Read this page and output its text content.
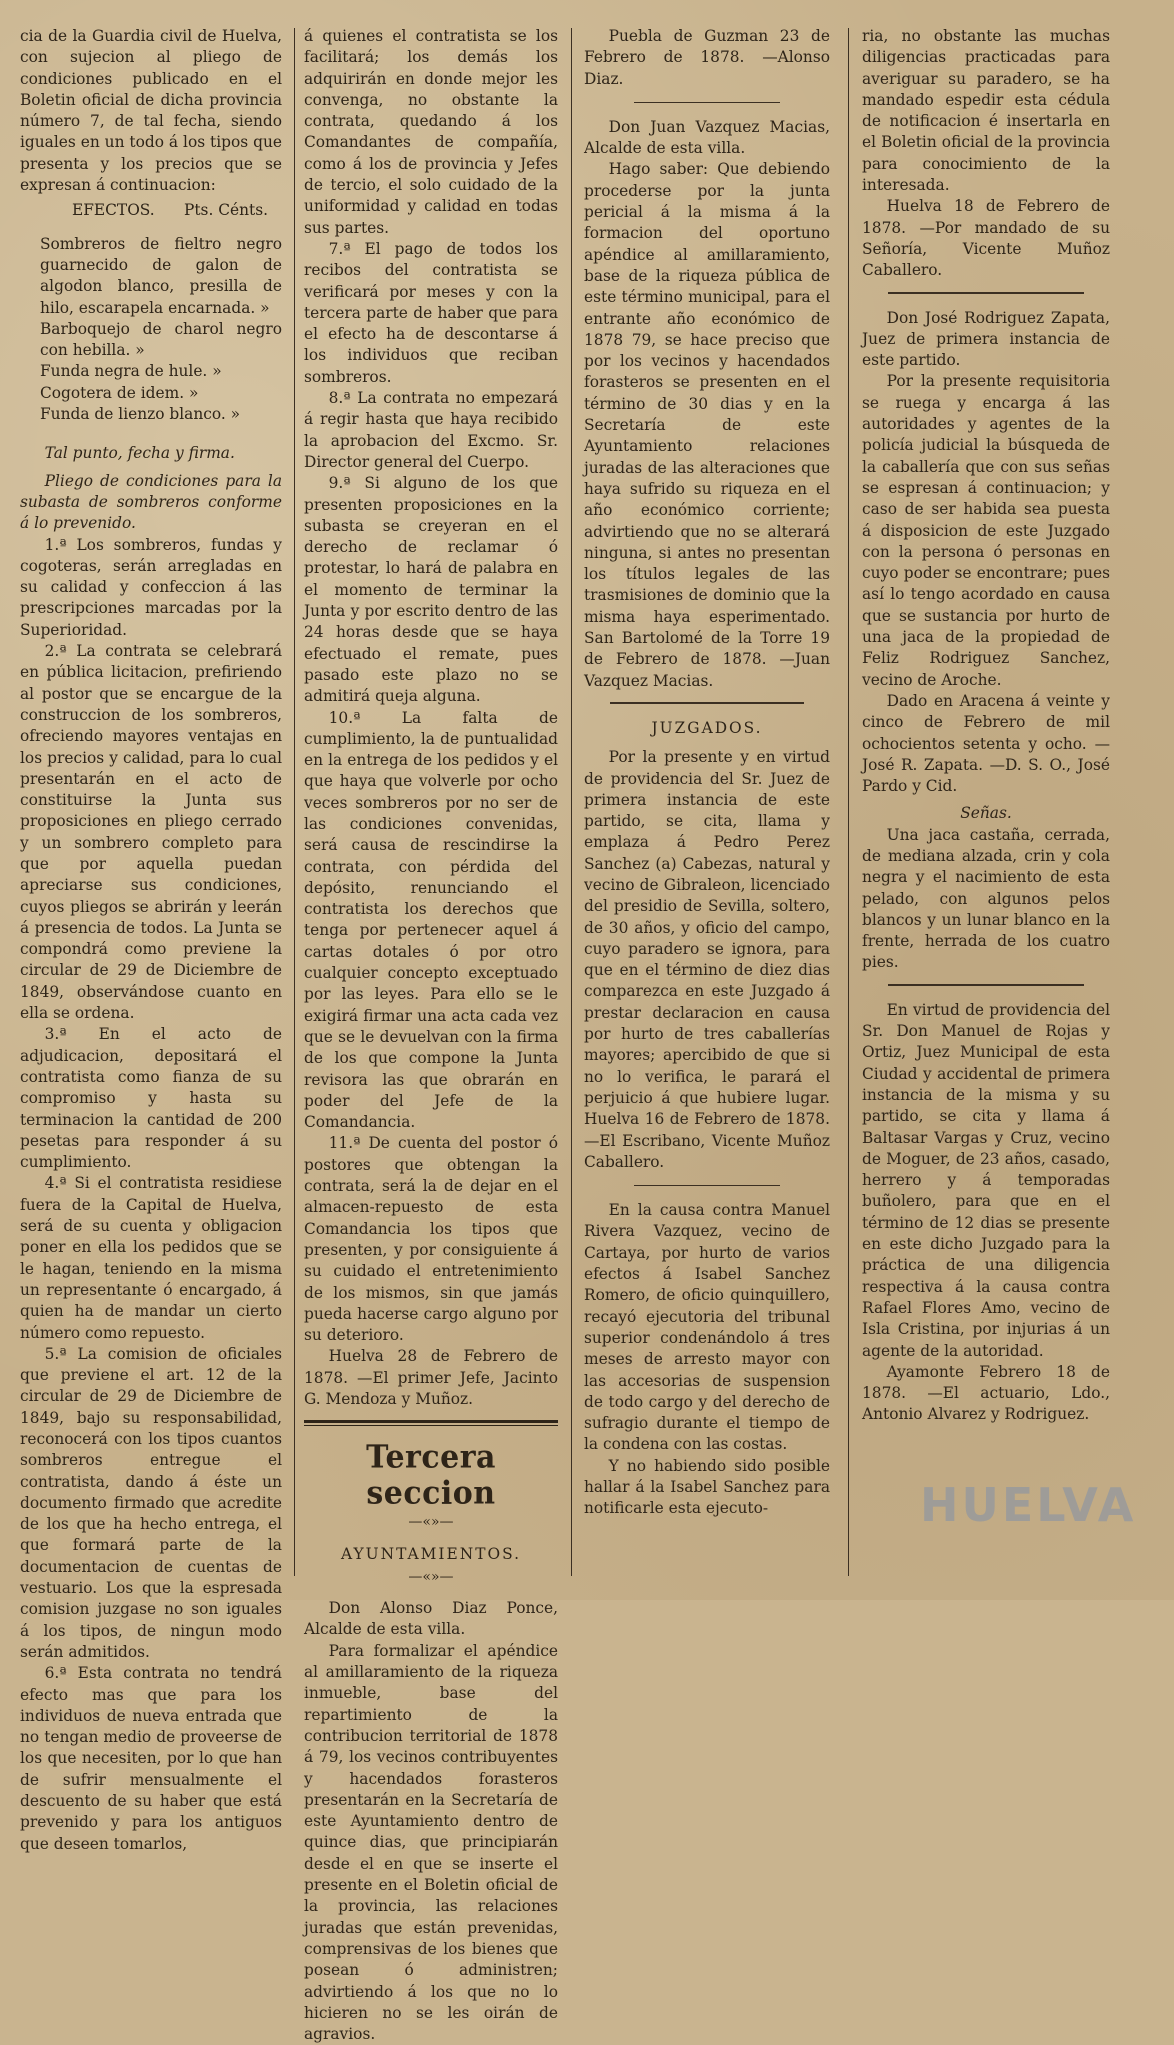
cia de la Guardia civil de Huelva, con sujecion al pliego de condiciones publicado en el Boletin oficial de dicha provincia número 7, de tal fecha, siendo iguales en un todo á los tipos que presenta y los precios que se expresan á continuacion:

EFECTOS. Pts. Cénts.
Sombreros de fieltro negro guarnecido de galon de algodon blanco, presilla de hilo, escarapela encarnada. »
Barboquejo de charol negro con hebilla. »
Funda negra de hule. »
Cogotera de idem. »
Funda de lienzo blanco. »

Tal punto, fecha y firma.

Pliego de condiciones para la subasta de sombreros conforme á lo prevenido.

1.ª Los sombreros, fundas y cogoteras, serán arregladas en su calidad y confeccion á las prescripciones marcadas por la Superioridad.

2.ª La contrata se celebrará en pública licitacion, prefiriendo al postor que se encargue de la construccion de los sombreros, ofreciendo mayores ventajas en los precios y calidad, para lo cual presentarán en el acto de constituirse la Junta sus proposiciones en pliego cerrado y un sombrero completo para que por aquella puedan apreciarse sus condiciones, cuyos pliegos se abrirán y leerán á presencia de todos. La Junta se compondrá como previene la circular de 29 de Diciembre de 1849, observándose cuanto en ella se ordena.

3.ª En el acto de adjudicacion, depositará el contratista como fianza de su compromiso y hasta su terminacion la cantidad de 200 pesetas para responder á su cumplimiento.

4.ª Si el contratista residiese fuera de la Capital de Huelva, será de su cuenta y obligacion poner en ella los pedidos que se le hagan, teniendo en la misma un representante ó encargado, á quien ha de mandar un cierto número como repuesto.

5.ª La comision de oficiales que previene el art. 12 de la circular de 29 de Diciembre de 1849, bajo su responsabilidad, reconocerá con los tipos cuantos sombreros entregue el contratista, dando á éste un documento firmado que acredite de los que ha hecho entrega, el que formará parte de la documentacion de cuentas de vestuario. Los que la espresada comision juzgase no son iguales á los tipos, de ningun modo serán admitidos.

6.ª Esta contrata no tendrá efecto mas que para los individuos de nueva entrada que no tengan medio de proveerse de los que necesiten, por lo que han de sufrir mensualmente el descuento de su haber que está prevenido y para los antiguos que deseen tomarlos,

á quienes el contratista se los facilitará; los demás los adquirirán en donde mejor les convenga, no obstante la contrata, quedando á los Comandantes de compañía, como á los de provincia y Jefes de tercio, el solo cuidado de la uniformidad y calidad en todas sus partes.

7.ª El pago de todos los recibos del contratista se verificará por meses y con la tercera parte de haber que para el efecto ha de descontarse á los individuos que reciban sombreros.

8.ª La contrata no empezará á regir hasta que haya recibido la aprobacion del Excmo. Sr. Director general del Cuerpo.

9.ª Si alguno de los que presenten proposiciones en la subasta se creyeran en el derecho de reclamar ó protestar, lo hará de palabra en el momento de terminar la Junta y por escrito dentro de las 24 horas desde que se haya efectuado el remate, pues pasado este plazo no se admitirá queja alguna.

10.ª La falta de cumplimiento, la de puntualidad en la entrega de los pedidos y el que haya que volverle por ocho veces sombreros por no ser de las condiciones convenidas, será causa de rescindirse la contrata, con pérdida del depósito, renunciando el contratista los derechos que tenga por pertenecer aquel á cartas dotales ó por otro cualquier concepto exceptuado por las leyes. Para ello se le exigirá firmar una acta cada vez que se le devuelvan con la firma de los que compone la Junta revisora las que obrarán en poder del Jefe de la Comandancia.

11.ª De cuenta del postor ó postores que obtengan la contrata, será la de dejar en el almacen-repuesto de esta Comandancia los tipos que presenten, y por consiguiente á su cuidado el entretenimiento de los mismos, sin que jamás pueda hacerse cargo alguno por su deterioro.

Huelva 28 de Febrero de 1878. —El primer Jefe, Jacinto G. Mendoza y Muñoz.

Tercera seccion

—«»—

AYUNTAMIENTOS.

—«»—

Don Alonso Diaz Ponce, Alcalde de esta villa.

Para formalizar el apéndice al amillaramiento de la riqueza inmueble, base del repartimiento de la contribucion territorial de 1878 á 79, los vecinos contribuyentes y hacendados forasteros presentarán en la Secretaría de este Ayuntamiento dentro de quince dias, que principiarán desde el en que se inserte el presente en el Boletin oficial de la provincia, las relaciones juradas que están prevenidas, comprensivas de los bienes que posean ó administren; advirtiendo á los que no lo hicieren no se les oirán de agravios.

Puebla de Guzman 23 de Febrero de 1878. —Alonso Diaz.

Don Juan Vazquez Macias, Alcalde de esta villa.

Hago saber: Que debiendo procederse por la junta pericial á la misma á la formacion del oportuno apéndice al amillaramiento, base de la riqueza pública de este término municipal, para el entrante año económico de 1878 79, se hace preciso que por los vecinos y hacendados forasteros se presenten en el término de 30 dias y en la Secretaría de este Ayuntamiento relaciones juradas de las alteraciones que haya sufrido su riqueza en el año económico corriente; advirtiendo que no se alterará ninguna, si antes no presentan los títulos legales de las trasmisiones de dominio que la misma haya esperimentado. San Bartolomé de la Torre 19 de Febrero de 1878. —Juan Vazquez Macias.

JUZGADOS.

Por la presente y en virtud de providencia del Sr. Juez de primera instancia de este partido, se cita, llama y emplaza á Pedro Perez Sanchez (a) Cabezas, natural y vecino de Gibraleon, licenciado del presidio de Sevilla, soltero, de 30 años, y oficio del campo, cuyo paradero se ignora, para que en el término de diez dias comparezca en este Juzgado á prestar declaracion en causa por hurto de tres caballerías mayores; apercibido de que si no lo verifica, le parará el perjuicio á que hubiere lugar. Huelva 16 de Febrero de 1878. —El Escribano, Vicente Muñoz Caballero.

En la causa contra Manuel Rivera Vazquez, vecino de Cartaya, por hurto de varios efectos á Isabel Sanchez Romero, de oficio quinquillero, recayó ejecutoria del tribunal superior condenándolo á tres meses de arresto mayor con las accesorias de suspension de todo cargo y del derecho de sufragio durante el tiempo de la condena con las costas.

Y no habiendo sido posible hallar á la Isabel Sanchez para notificarle esta ejecuto-

ria, no obstante las muchas diligencias practicadas para averiguar su paradero, se ha mandado espedir esta cédula de notificacion é insertarla en el Boletin oficial de la provincia para conocimiento de la interesada.

Huelva 18 de Febrero de 1878. —Por mandado de su Señoría, Vicente Muñoz Caballero.

Don José Rodriguez Zapata, Juez de primera instancia de este partido.

Por la presente requisitoria se ruega y encarga á las autoridades y agentes de la policía judicial la búsqueda de la caballería que con sus señas se espresan á continuacion; y caso de ser habida sea puesta á disposicion de este Juzgado con la persona ó personas en cuyo poder se encontrare; pues así lo tengo acordado en causa que se sustancia por hurto de una jaca de la propiedad de Feliz Rodriguez Sanchez, vecino de Aroche.

Dado en Aracena á veinte y cinco de Febrero de mil ochocientos setenta y ocho. —José R. Zapata. —D. S. O., José Pardo y Cid.

Señas.

Una jaca castaña, cerrada, de mediana alzada, crin y cola negra y el nacimiento de esta pelado, con algunos pelos blancos y un lunar blanco en la frente, herrada de los cuatro pies.

En virtud de providencia del Sr. Don Manuel de Rojas y Ortiz, Juez Municipal de esta Ciudad y accidental de primera instancia de la misma y su partido, se cita y llama á Baltasar Vargas y Cruz, vecino de Moguer, de 23 años, casado, herrero y á temporadas buñolero, para que en el término de 12 dias se presente en este dicho Juzgado para la práctica de una diligencia respectiva á la causa contra Rafael Flores Amo, vecino de Isla Cristina, por injurias á un agente de la autoridad.

Ayamonte Febrero 18 de 1878. —El actuario, Ldo., Antonio Alvarez y Rodriguez.

HUELVA
